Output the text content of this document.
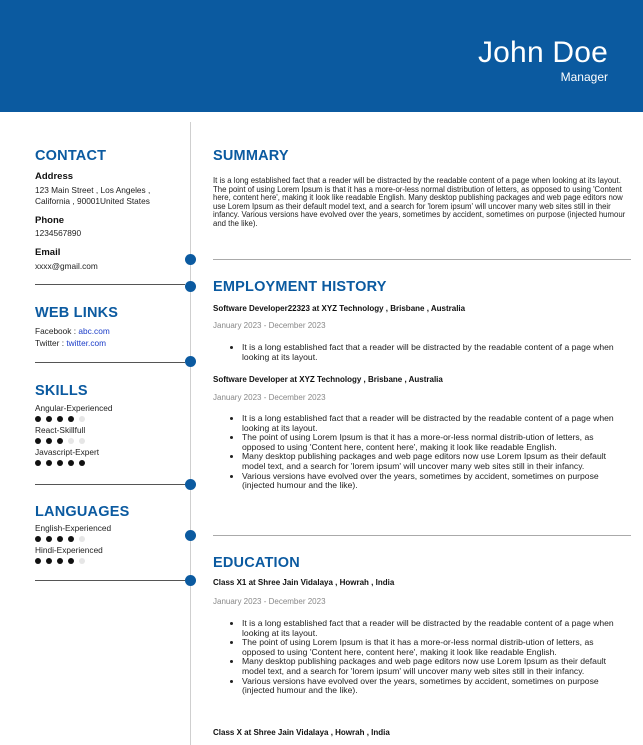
John Doe
Manager
CONTACT
Address
123 Main Street , Los Angeles ,
California , 90001United States
Phone
1234567890
Email
xxxx@gmail.com
WEB LINKS
Facebook : abc.com
Twitter : twitter.com
SKILLS
Angular-Experienced
React-Skillfull
Javascript-Expert
LANGUAGES
English-Experienced
Hindi-Experienced
SUMMARY
It is a long established fact that a reader will be distracted by the readable content of a page when looking at its layout. The point of using Lorem Ipsum is that it has a more-or-less normal distribution of letters, as opposed to using 'Content here, content here', making it look like readable English. Many desktop publishing packages and web page editors now use Lorem Ipsum as their default model text, and a search for 'lorem ipsum' will uncover many web sites still in their infancy. Various versions have evolved over the years, sometimes by accident, sometimes on purpose (injected humour and the like).
EMPLOYMENT HISTORY
Software Developer22323 at XYZ Technology , Brisbane , Australia
January 2023 - December 2023
• It is a long established fact that a reader will be distracted by the readable content of a page when looking at its layout.
Software Developer at XYZ Technology , Brisbane , Australia
January 2023 - December 2023
• It is a long established fact that a reader will be distracted by the readable content of a page when looking at its layout.
• The point of using Lorem Ipsum is that it has a more-or-less normal distrib-ution of letters, as opposed to using 'Content here, content here', making it look like readable English.
• Many desktop publishing packages and web page editors now use Lorem Ipsum as their default model text, and a search for 'lorem ipsum' will uncover many web sites still in their infancy.
• Various versions have evolved over the years, sometimes by accident, sometimes on purpose (injected humour and the like).
EDUCATION
Class X1 at Shree Jain Vidalaya , Howrah , India
January 2023 - December 2023
• It is a long established fact that a reader will be distracted by the readable content of a page when looking at its layout.
• The point of using Lorem Ipsum is that it has a more-or-less normal distrib-ution of letters, as opposed to using 'Content here, content here', making it look like readable English.
• Many desktop publishing packages and web page editors now use Lorem Ipsum as their default model text, and a search for 'lorem ipsum' will uncover many web sites still in their infancy.
• Various versions have evolved over the years, sometimes by accident, sometimes on purpose (injected humour and the like).
Class X at Shree Jain Vidalaya , Howrah , India
